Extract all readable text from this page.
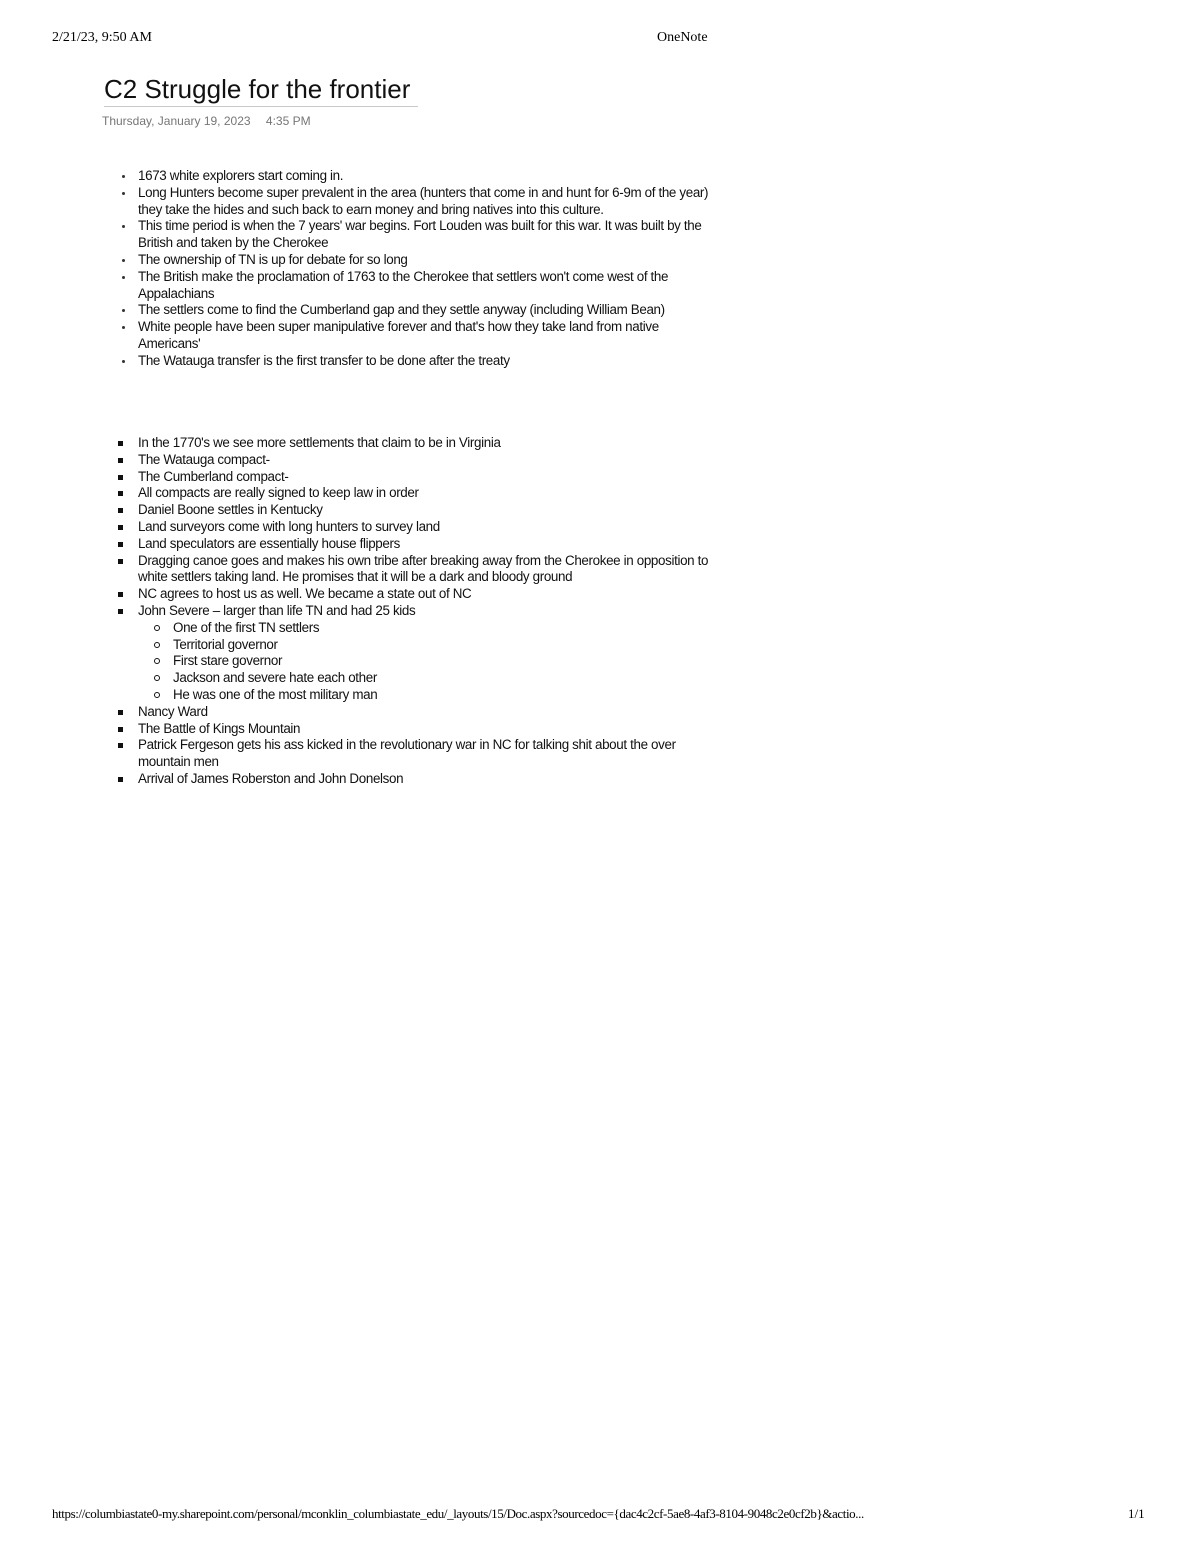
2/21/23, 9:50 AM	OneNote
C2 Struggle for the frontier
Thursday, January 19, 2023 4:35 PM
1673 white explorers start coming in.
Long Hunters become super prevalent in the area (hunters that come in and hunt for 6-9m of the year) they take the hides and such back to earn money and bring natives into this culture.
This time period is when the 7 years' war begins. Fort Louden was built for this war. It was built by the British and taken by the Cherokee
The ownership of TN is up for debate for so long
The British make the proclamation of 1763 to the Cherokee that settlers won't come west of the Appalachians
The settlers come to find the Cumberland gap and they settle anyway (including William Bean)
White people have been super manipulative forever and that's how they take land from native Americans'
The Watauga transfer is the first transfer to be done after the treaty
In the 1770's we see more settlements that claim to be in Virginia
The Watauga compact-
The Cumberland compact-
All compacts are really signed to keep law in order
Daniel Boone settles in Kentucky
Land surveyors come with long hunters to survey land
Land speculators are essentially house flippers
Dragging canoe goes and makes his own tribe after breaking away from the Cherokee in opposition to white settlers taking land. He promises that it will be a dark and bloody ground
NC agrees to host us as well. We became a state out of NC
John Severe – larger than life TN and had 25 kids
One of the first TN settlers
Territorial governor
First stare governor
Jackson and severe hate each other
He was one of the most military man
Nancy Ward
The Battle of Kings Mountain
Patrick Fergeson gets his ass kicked in the revolutionary war in NC for talking shit about the over mountain men
Arrival of James Roberston and John Donelson
https://columbiastate0-my.sharepoint.com/personal/mconklin_columbiastate_edu/_layouts/15/Doc.aspx?sourcedoc={dac4c2cf-5ae8-4af3-8104-9048c2e0cf2b}&actio...	1/1
